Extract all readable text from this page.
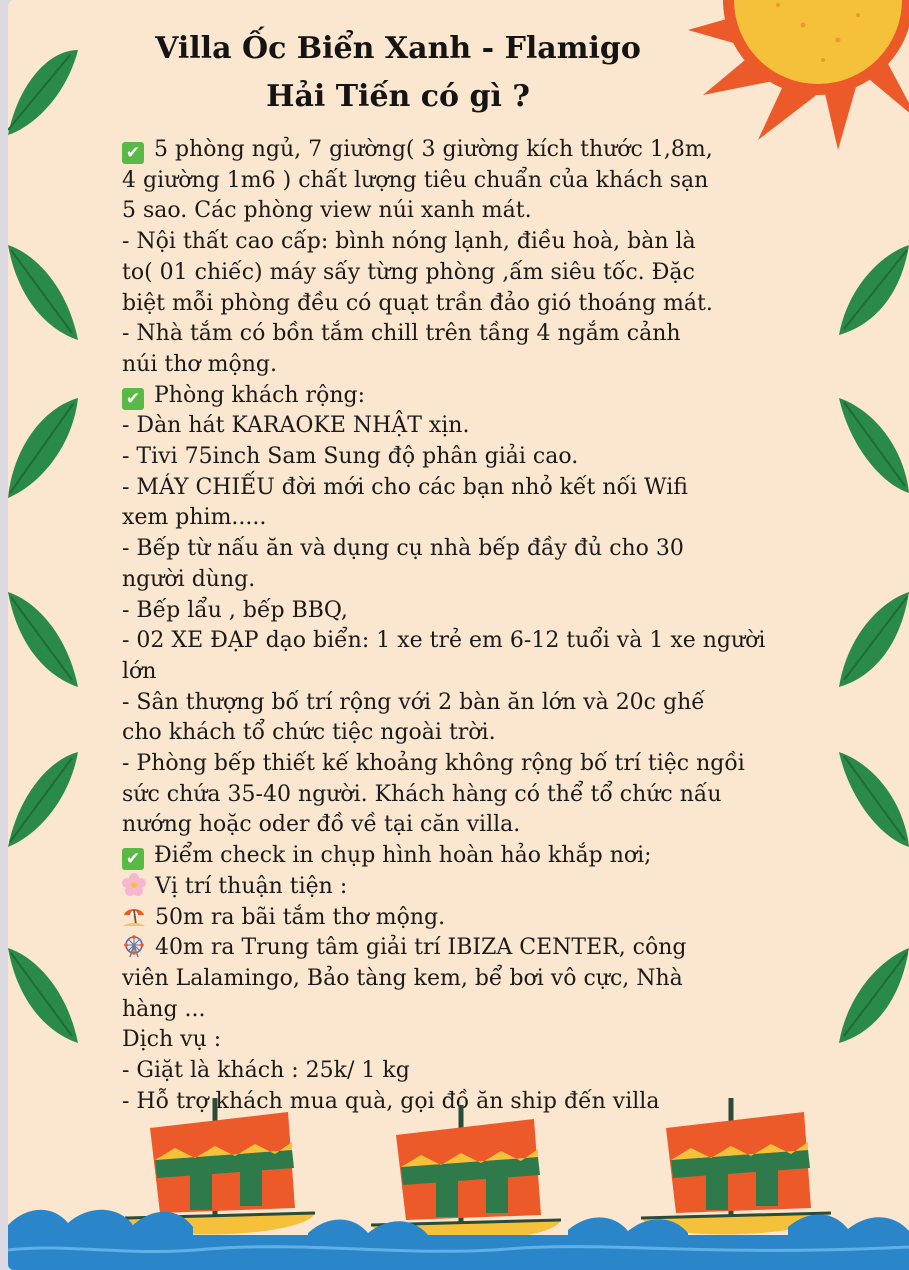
Villa Ốc Biển Xanh - Flamigo
Hải Tiến có gì ?
✔ 5 phòng ngủ, 7 giường( 3 giường kích thước 1,8m,
4 giường 1m6 ) chất lượng tiêu chuẩn của khách sạn
5 sao. Các phòng view núi xanh mát.
- Nội thất cao cấp: bình nóng lạnh, điều hoà, bàn là
to( 01 chiếc) máy sấy từng phòng ,ấm siêu tốc. Đặc
biệt mỗi phòng đều có quạt trần đảo gió thoáng mát.
- Nhà tắm có bồn tắm chill trên tầng 4 ngắm cảnh
núi thơ mộng.
✔ Phòng khách rộng:
- Dàn hát KARAOKE NHẬT xịn.
- Tivi 75inch Sam Sung độ phân giải cao.
- MÁY CHIẾU đời mới cho các bạn nhỏ kết nối Wifi
xem phim.....
- Bếp từ nấu ăn và dụng cụ nhà bếp đầy đủ cho 30
người dùng.
- Bếp lẩu , bếp BBQ,
- 02 XE ĐẠP dạo biển: 1 xe trẻ em 6-12 tuổi và 1 xe người
lớn
- Sân thượng bố trí rộng với 2 bàn ăn lớn và 20c ghế
cho khách tổ chức tiệc ngoài trời.
- Phòng bếp thiết kế khoảng không rộng bố trí tiệc ngồi
sức chứa 35-40 người. Khách hàng có thể tổ chức nấu
nướng hoặc oder đồ về tại căn villa.
✔ Điểm check in chụp hình hoàn hảo khắp nơi;
Vị trí thuận tiện :
50m ra bãi tắm thơ mộng.
40m ra Trung tâm giải trí IBIZA CENTER, công
viên Lalamingo, Bảo tàng kem, bể bơi vô cực, Nhà
hàng ...
Dịch vụ :
- Giặt là khách : 25k/ 1 kg
- Hỗ trợ khách mua quà, gọi đồ ăn ship đến villa
